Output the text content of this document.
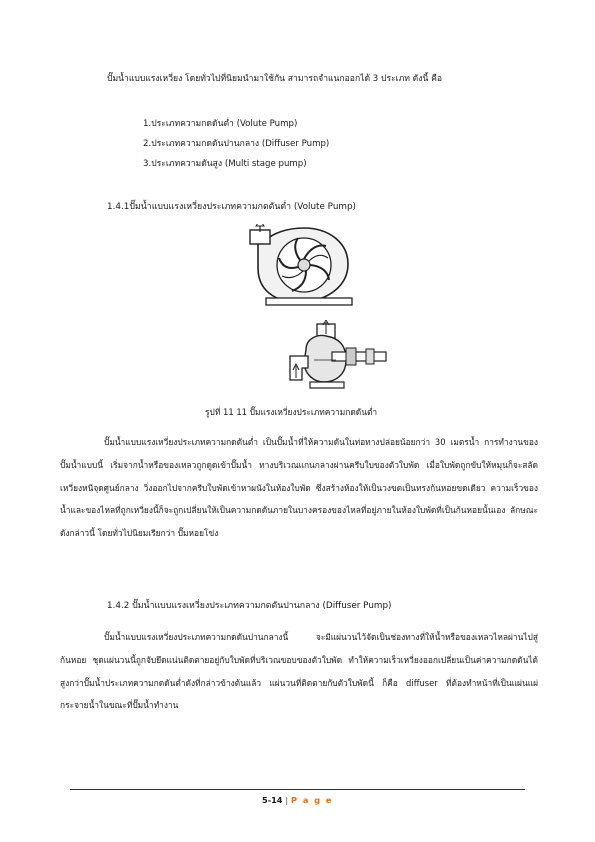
ปั๊มน้ำแบบแรงเหวี่ยง โดยทั่วไปที่นิยมนำมาใช้กัน สามารถจำแนกออกได้ 3 ประเภท ดังนี้ คือ
1.ประเภทความกดดันต่ำ (Volute Pump)
2.ประเภทความกดดันปานกลาง (Diffuser Pump)
3.ประเภทความดันสูง (Multi stage pump)
1.4.1ปั๊มน้ำแบบแรงเหวี่ยงประเภทความกดดันต่ำ (Volute Pump)
รูปที่ 11 11 ปั๊มแรงเหวี่ยงประเภทความกดดันต่ำ

ปั๊มน้ำแบบแรงเหวี่ยงประเภทความกดดันต่ำ เป็นปั๊มน้ำที่ให้ความดันในท่อทางปล่อยน้อยกว่า 30 เมตรน้ำ การทำงานของปั๊มน้ำแบบนี้ เริ่มจากน้ำหรือของเหลวถูกดูดเข้าปั๊มน้ำ ทางบริเวณแกนกลางผ่านครีบใบของตัวใบพัด เมื่อใบพัดถูกขับให้หมุนก็จะสลัดเหวี่ยงหนีจุดศูนย์กลาง วิ่งออกไปจากครีบใบพัดเข้าหาผนังในห้องใบพัด ซึ่งสร้างห้องให้เป็นวงขดเป็นทรงก้นหอยขดเดียว ความเร็วของน้ำและของไหลที่ถูกเหวี่ยงนี้ก็จะถูกเปลี่ยนให้เป็นความกดดันภายในบางครองของไหลที่อยู่ภายในห้องใบพัดที่เป็นก้นหอยนั้นเอง ลักษณะดังกล่าวนี้ โดยทั่วไปนิยมเรียกว่า ปั๊มหอยโข่ง

1.4.2 ปั๊มน้ำแบบแรงเหวี่ยงประเภทความกดดันปานกลาง (Diffuser Pump)

ปั๊มน้ำแบบแรงเหวี่ยงประเภทความกดดันปานกลางนี้ จะมีแผ่นวนไว้จัดเป็นช่องทางที่ให้น้ำหรือของเหลวไหลผ่านไปสู่ก้นหอย ชุดแผ่นวนนี้ถูกจับยึดแน่นติดตายอยู่กับใบพัดที่บริเวณขอบของตัวใบพัด ทำให้ความเร็วเหวี่ยงออกเปลี่ยนเป็นค่าความกดดันได้สูงกว่าปั๊มน้ำประเภทความกดดันต่ำดังที่กล่าวข้างต้นแล้ว แผ่นวนที่ติดตายกับตัวใบพัดนี้ ก็คือ diffuser ที่ต้องทำหน้าที่เป็นแผ่นแผ่กระจายน้ำในขณะที่ปั๊มน้ำทำงาน

5-14 | P a g e
